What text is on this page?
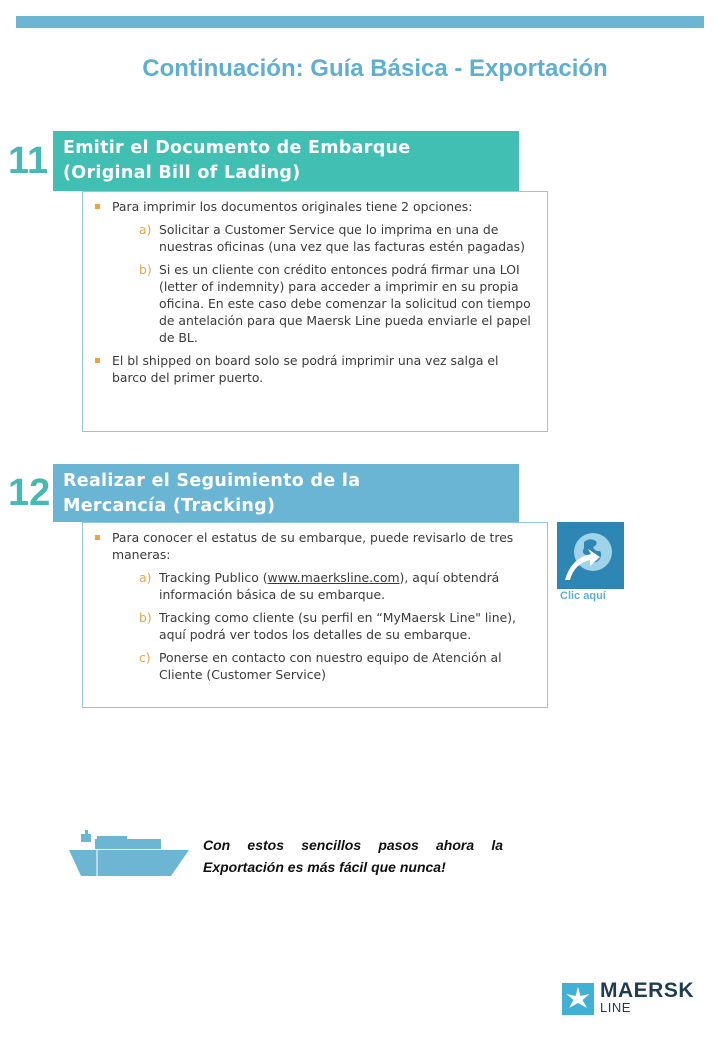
Continuación: Guía Básica - Exportación
11 Emitir el Documento de Embarque
(Original Bill of Lading)
Para imprimir los documentos originales tiene 2 opciones:
a) Solicitar a Customer Service que lo imprima en una de nuestras oficinas (una vez que las facturas estén pagadas)
b) Si es un cliente con crédito entonces podrá firmar una LOI (letter of indemnity) para acceder a imprimir en su propia oficina. En este caso debe comenzar la solicitud con tiempo de antelación para que Maersk Line pueda enviarle el papel de BL.
El bl shipped on board solo se podrá imprimir una vez salga el barco del primer puerto.
12 Realizar el Seguimiento de la
Mercancía (Tracking)
Para conocer el estatus de su embarque, puede revisarlo de tres maneras:
a) Tracking Publico (www.maerksline.com), aquí obtendrá información básica de su embarque.
b) Tracking como cliente (su perfil en “MyMaersk Line" line), aquí podrá ver todos los detalles de su embarque.
c) Ponerse en contacto con nuestro equipo de Atención al Cliente (Customer Service)
Clic aquí
Con estos sencillos pasos ahora la Exportación es más fácil que nunca!
MAERSK
LINE
